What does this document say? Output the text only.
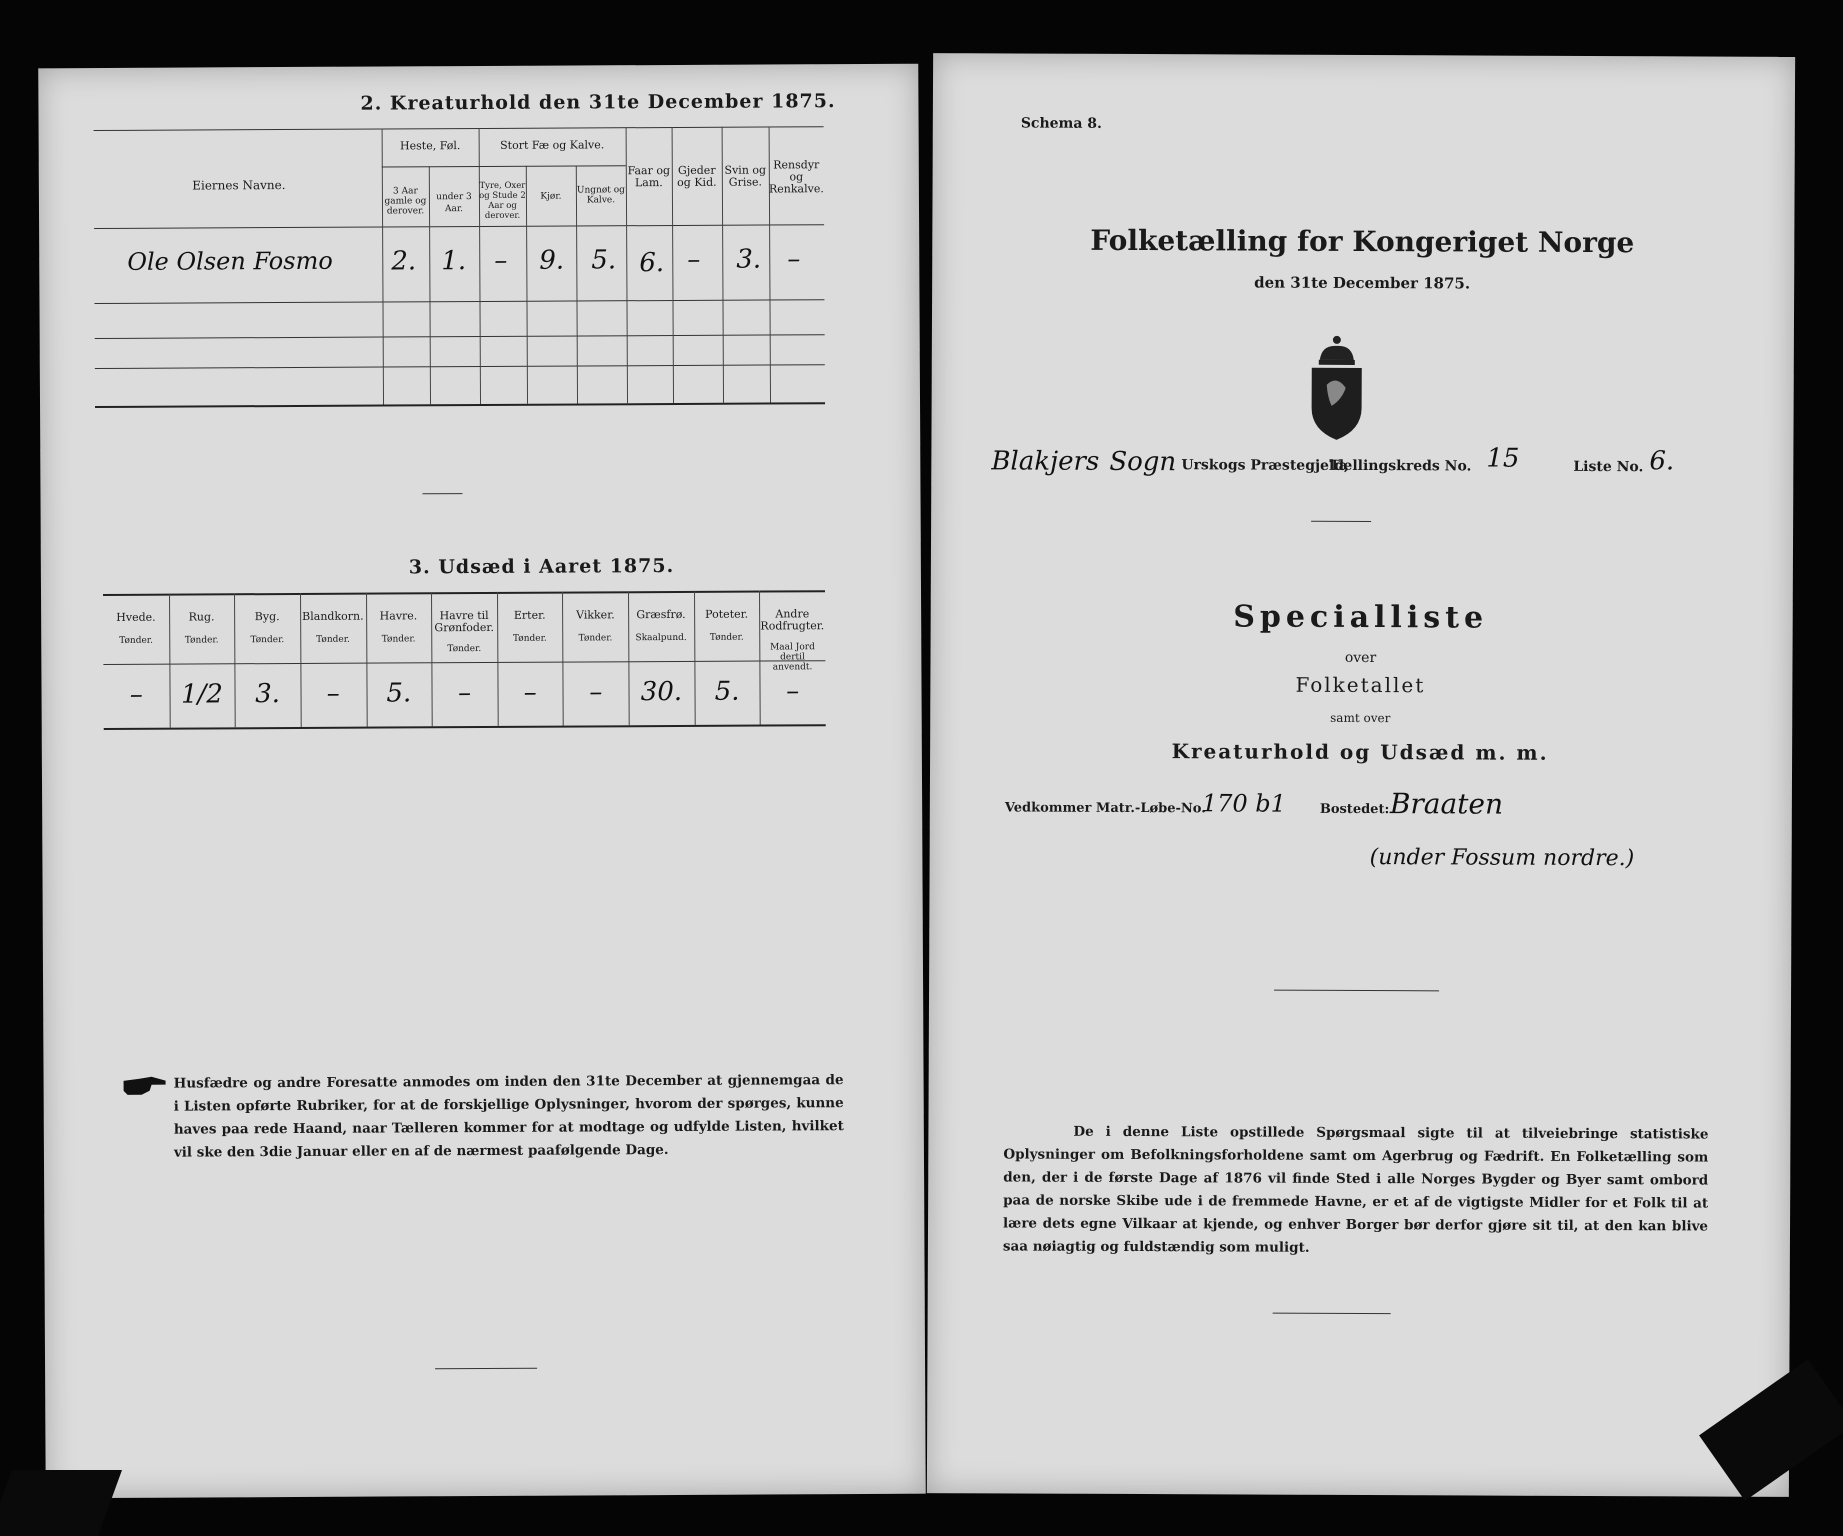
2. Kreaturhold den 31te December 1875.
Eiernes Navne.
Heste, Føl.
3 Aar gamle og derover.
under 3 Aar.
Stort Fæ og Kalve.
Tyre, Oxer og Stude 2 Aar og derover.
Kjør.
Ungnøt og Kalve.
Faar og Lam.
Gjeder og Kid.
Svin og Grise.
Rensdyr og Renkalve.
Ole Olsen Fosmo 2. 1. – 9. 5. 6. – 3. –
3. Udsæd i Aaret 1875.
Hvede.
Tønder.
–
Rug.
Tønder.
1/2
Byg.
Tønder.
3.
Blandkorn.
Tønder.
–
Havre.
Tønder.
5.
Havre til Grønfoder.
Tønder.
–
Erter.
Tønder.
–
Vikker.
Tønder.
–
Græsfrø.
Skaalpund.
30.
Poteter.
Tønder.
5.
Andre Rodfrugter.
Maal Jord dertil anvendt.
–
Husfædre og andre Foresatte anmodes om inden den 31te December at gjennemgaa de i Listen opførte Rubriker, for at de forskjellige Oplysninger, hvorom der spørges, kunne haves paa rede Haand, naar Tælleren kommer for at modtage og udfylde Listen, hvilket vil ske den 3die Januar eller en af de nærmest paafølgende Dage.
Schema 8.
Folketælling for Kongeriget Norge
den 31te December 1875.
Blakjers Sogn Urskogs Præstegjeld,
Tællingskreds No. 15	Liste No. 6.
Specialliste
over
Folketallet
samt over
Kreaturhold og Udsæd m. m.
Vedkommer Matr.-Løbe-No.
170 b1	Bostedet: Braaten
(under Fossum nordre.)
De i denne Liste opstillede Spørgsmaal sigte til at tilveiebringe statistiske Oplysninger om Befolkningsforholdene samt om Agerbrug og Fædrift. En Folketælling som den, der i de første Dage af 1876 vil finde Sted i alle Norges Bygder og Byer samt ombord paa de norske Skibe ude i de fremmede Havne, er et af de vigtigste Midler for et Folk til at lære dets egne Vilkaar at kjende, og enhver Borger bør derfor gjøre sit til, at den kan blive saa nøiagtig og fuldstændig som muligt.
